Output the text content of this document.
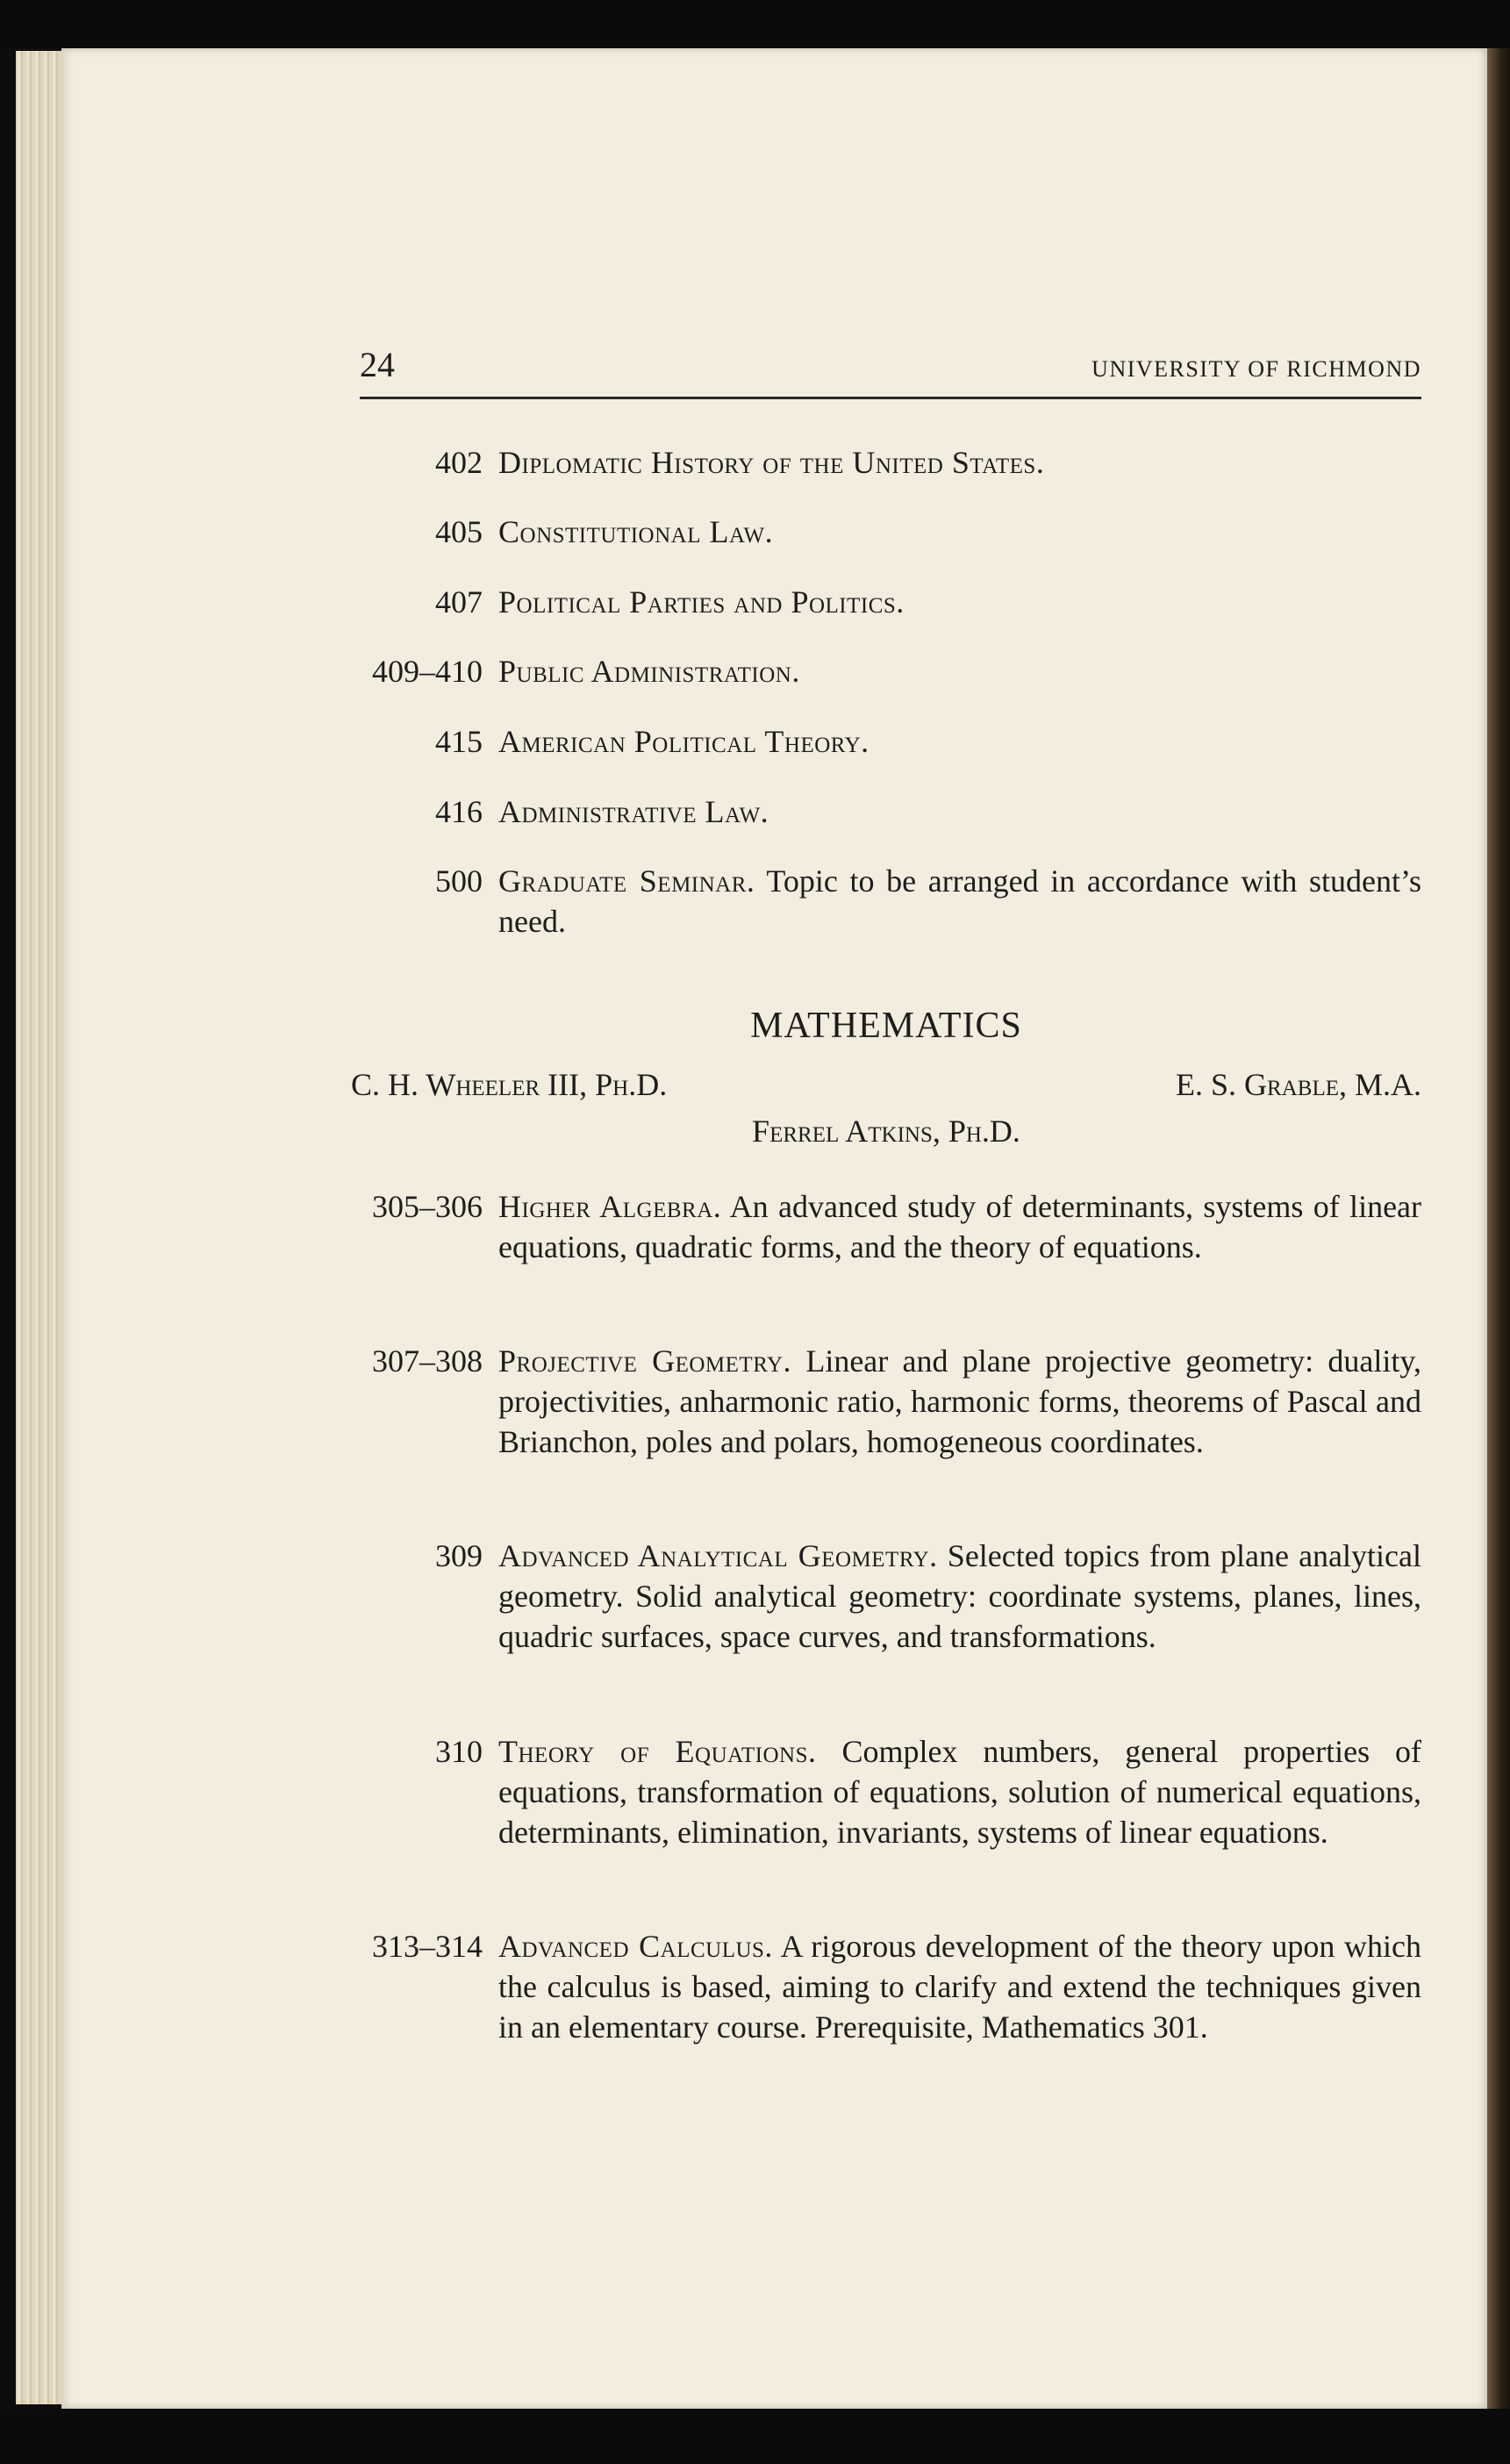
24	UNIVERSITY OF RICHMOND
402 Diplomatic History of the United States.
405 Constitutional Law.
407 Political Parties and Politics.
409–410 Public Administration.
415 American Political Theory.
416 Administrative Law.
500 Graduate Seminar. Topic to be arranged in accordance with student’s need.
MATHEMATICS
C. H. Wheeler III, Ph.D.	E. S. Grable, M.A.
Ferrel Atkins, Ph.D.
305–306 Higher Algebra. An advanced study of determinants, systems of linear equations, quadratic forms, and the theory of equations.
307–308 Projective Geometry. Linear and plane projective geometry: duality, projectivities, anharmonic ratio, harmonic forms, theorems of Pascal and Brianchon, poles and polars, homogeneous coordinates.
309 Advanced Analytical Geometry. Selected topics from plane analytical geometry. Solid analytical geometry: coordinate systems, planes, lines, quadric surfaces, space curves, and transformations.
310 Theory of Equations. Complex numbers, general properties of equations, transformation of equations, solution of numerical equations, determinants, elimination, invariants, systems of linear equations.
313–314 Advanced Calculus. A rigorous development of the theory upon which the calculus is based, aiming to clarify and extend the techniques given in an elementary course. Prerequisite, Mathematics 301.
